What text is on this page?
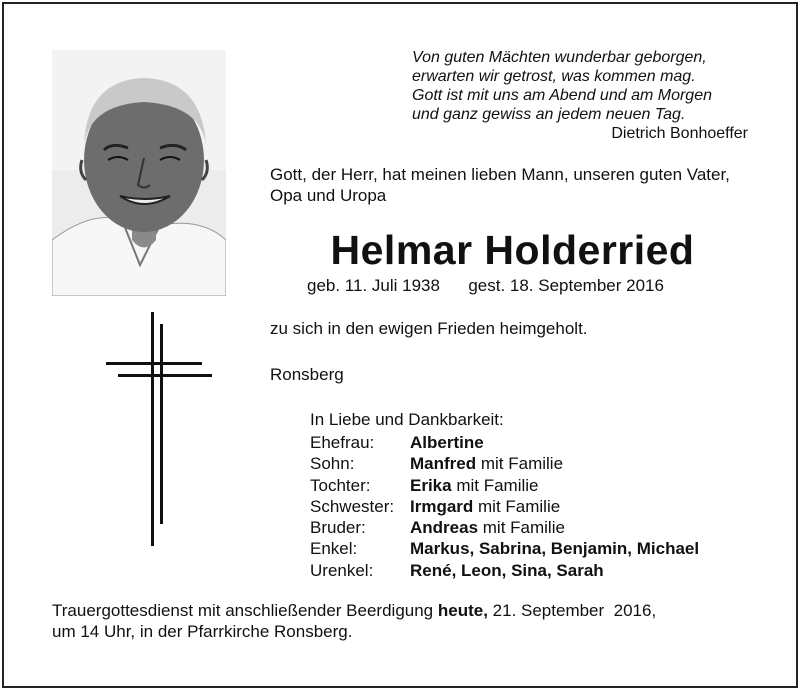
Von guten Mächten wunderbar geborgen,
erwarten wir getrost, was kommen mag.
Gott ist mit uns am Abend und am Morgen
und ganz gewiss an jedem neuen Tag.
Dietrich Bonhoeffer
Gott, der Herr, hat meinen lieben Mann, unseren guten Vater, Opa und Uropa
Helmar Holderried
geb. 11. Juli 1938 gest. 18. September 2016
zu sich in den ewigen Frieden heimgeholt.
Ronsberg
In Liebe und Dankbarkeit:
Ehefrau:	Albertine
Sohn:	Manfred mit Familie
Tochter:	Erika mit Familie
Schwester: Irmgard mit Familie
Bruder:	Andreas mit Familie
Enkel:	Markus, Sabrina, Benjamin, Michael
Urenkel:	René, Leon, Sina, Sarah
Trauergottesdienst mit anschließender Beerdigung heute, 21. September  2016,
um 14 Uhr, in der Pfarrkirche Ronsberg.
